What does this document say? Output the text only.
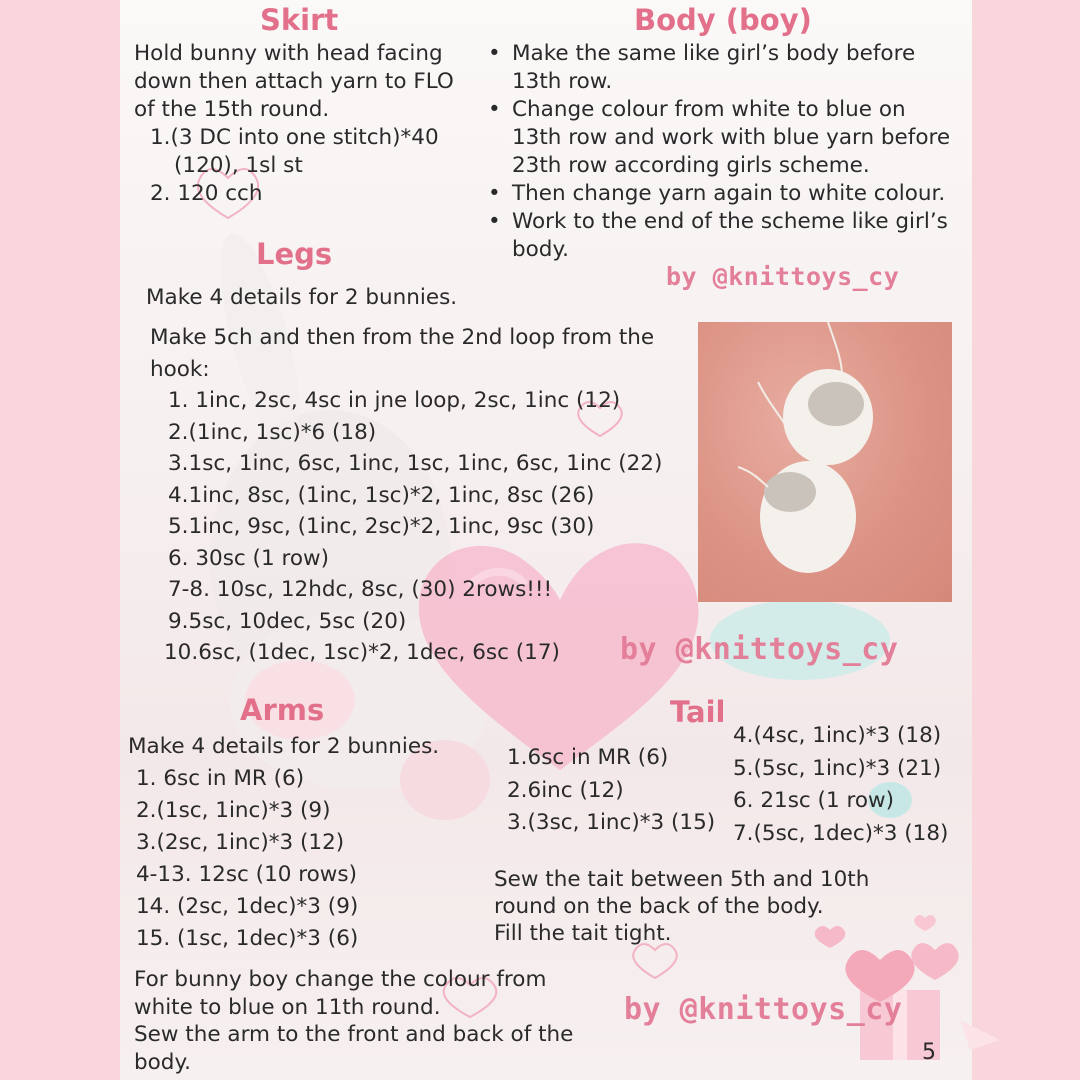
Skirt
Hold bunny with head facing
down then attach yarn to FLO
of the 15th round.
1.(3 DC into one stitch)*40
(120), 1sl st
2. 120 cch
Body (boy)
• Make the same like girl’s body before
13th row.
• Change colour from white to blue on
13th row and work with blue yarn before
23th row according girls scheme.
• Then change yarn again to white colour.
• Work to the end of the scheme like girl’s
body.
by @knittoys_cy
Legs
Make 4 details for 2 bunnies.
Make 5ch and then from the 2nd loop from the
hook:
1. 1inc, 2sc, 4sc in jne loop, 2sc, 1inc (12)
2.(1inc, 1sc)*6 (18)
3.1sc, 1inc, 6sc, 1inc, 1sc, 1inc, 6sc, 1inc (22)
4.1inc, 8sc, (1inc, 1sc)*2, 1inc, 8sc (26)
5.1inc, 9sc, (1inc, 2sc)*2, 1inc, 9sc (30)
6. 30sc (1 row)
7-8. 10sc, 12hdc, 8sc, (30) 2rows!!!
9.5sc, 10dec, 5sc (20)
10.6sc, (1dec, 1sc)*2, 1dec, 6sc (17)	by @knittoys_cy
Arms
Make 4 details for 2 bunnies.
1. 6sc in MR (6)
2.(1sc, 1inc)*3 (9)
3.(2sc, 1inc)*3 (12)
4-13. 12sc (10 rows)
14. (2sc, 1dec)*3 (9)
15. (1sc, 1dec)*3 (6)
For bunny boy change the colour from
white to blue on 11th round.
Sew the arm to the front and back of the
body.
Tail
1.6sc in MR (6)
2.6inc (12)
3.(3sc, 1inc)*3 (15)
4.(4sc, 1inc)*3 (18)
5.(5sc, 1inc)*3 (21)
6. 21sc (1 row)
7.(5sc, 1dec)*3 (18)
Sew the tait between 5th and 10th
round on the back of the body.
Fill the tait tight.
by @knittoys_cy
5
